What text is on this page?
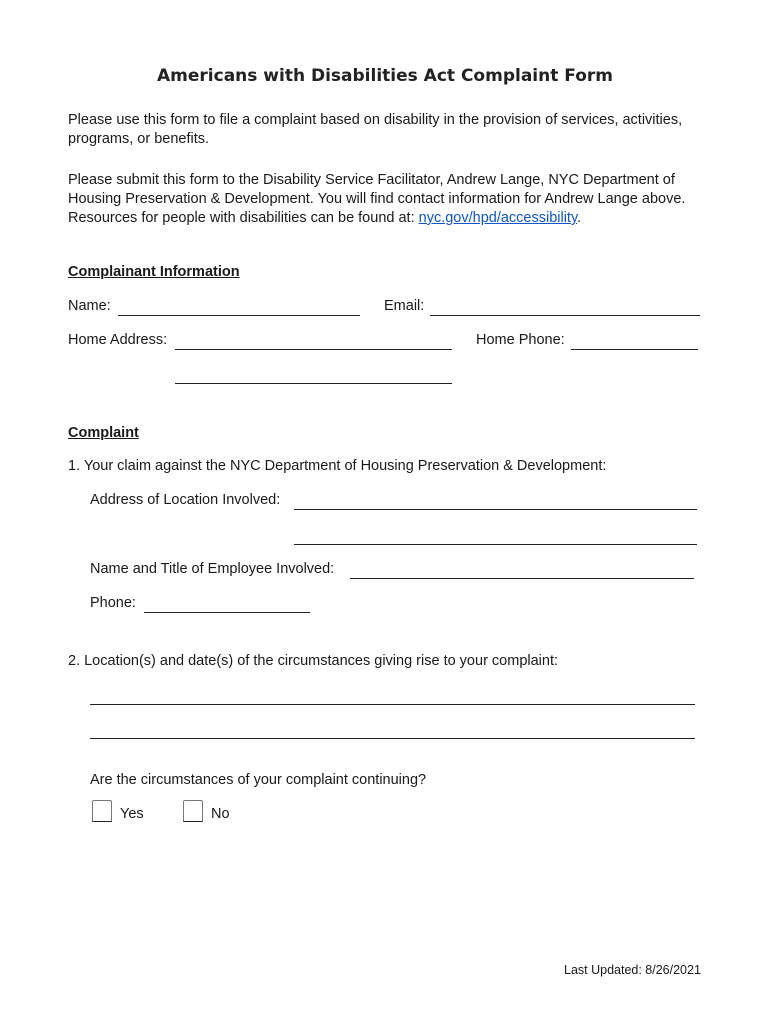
Americans with Disabilities Act Complaint Form
Please use this form to file a complaint based on disability in the provision of services, activities, programs, or benefits.
Please submit this form to the Disability Service Facilitator, Andrew Lange, NYC Department of Housing Preservation & Development. You will find contact information for Andrew Lange above. Resources for people with disabilities can be found at: nyc.gov/hpd/accessibility.
Complainant Information
Name:	Email:
Home Address:	Home Phone:
Complaint
1. Your claim against the NYC Department of Housing Preservation & Development:
Address of Location Involved:
Name and Title of Employee Involved:
Phone:
2. Location(s) and date(s) of the circumstances giving rise to your complaint:
Are the circumstances of your complaint continuing?
Yes	No
Last Updated: 8/26/2021
